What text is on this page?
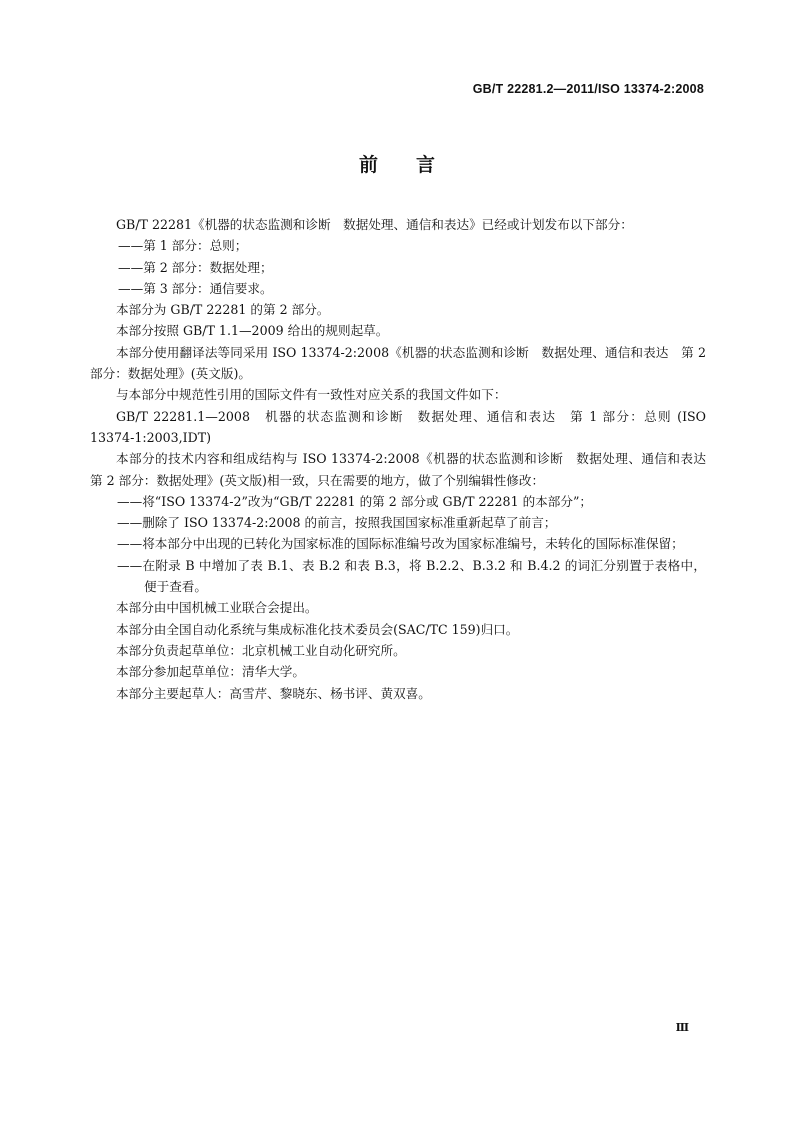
GB/T 22281.2—2011/ISO 13374-2:2008
前言

GB/T 22281《机器的状态监测和诊断　数据处理、通信和表达》已经或计划发布以下部分：

——第 1 部分：总则；

——第 2 部分：数据处理；

——第 3 部分：通信要求。

本部分为 GB/T 22281 的第 2 部分。

本部分按照 GB/T 1.1—2009 给出的规则起草。

本部分使用翻译法等同采用 ISO 13374-2:2008《机器的状态监测和诊断　数据处理、通信和表达　第 2 部分：数据处理》(英文版)。

与本部分中规范性引用的国际文件有一致性对应关系的我国文件如下：

GB/T 22281.1—2008　机器的状态监测和诊断　数据处理、通信和表达　第 1 部分：总则 (ISO 13374-1:2003,IDT)

本部分的技术内容和组成结构与 ISO 13374-2:2008《机器的状态监测和诊断　数据处理、通信和表达　第 2 部分：数据处理》(英文版)相一致，只在需要的地方，做了个别编辑性修改：

——将“ISO 13374-2”改为“GB/T 22281 的第 2 部分或 GB/T 22281 的本部分”；

——删除了 ISO 13374-2:2008 的前言，按照我国国家标准重新起草了前言；

——将本部分中出现的已转化为国家标准的国际标准编号改为国家标准编号，未转化的国际标准保留；

——在附录 B 中增加了表 B.1、表 B.2 和表 B.3，将 B.2.2、B.3.2 和 B.4.2 的词汇分别置于表格中，便于查看。

本部分由中国机械工业联合会提出。

本部分由全国自动化系统与集成标准化技术委员会(SAC/TC 159)归口。

本部分负责起草单位：北京机械工业自动化研究所。

本部分参加起草单位：清华大学。

本部分主要起草人：高雪芹、黎晓东、杨书评、黄双喜。

Ⅲ
